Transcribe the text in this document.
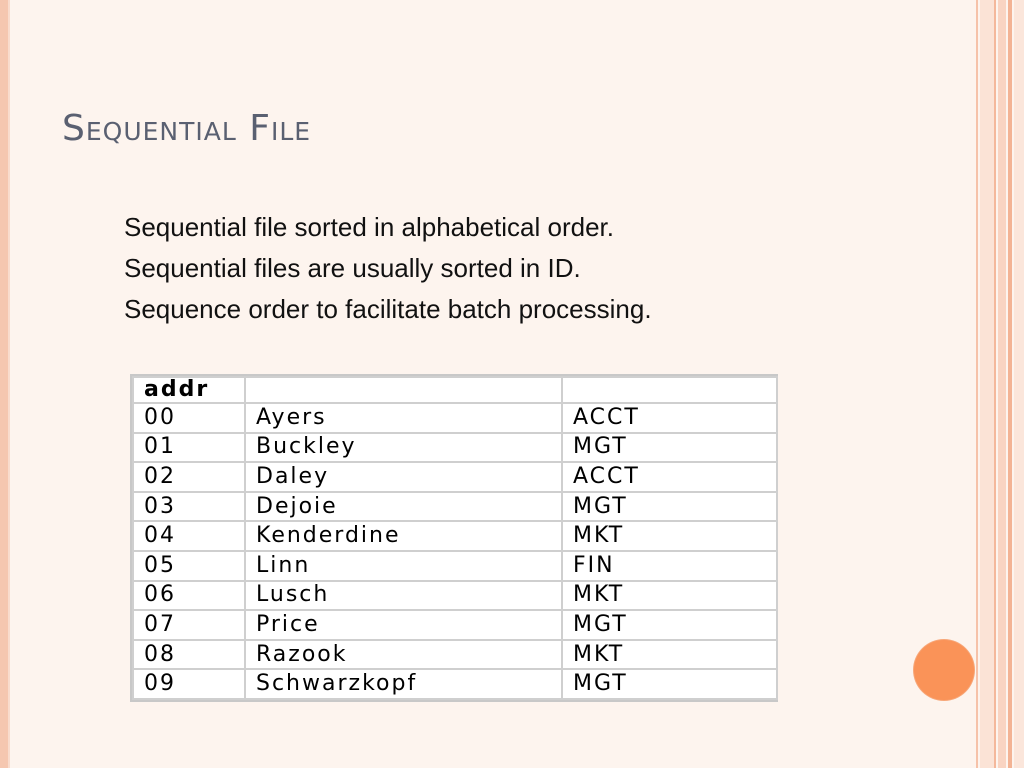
Sequential File
Sequential file sorted in alphabetical order.
Sequential files are usually sorted in ID.
Sequence order to facilitate batch processing.
addr		
00	Ayers	ACCT
01	Buckley	MGT
02	Daley	ACCT
03	Dejoie	MGT
04	Kenderdine	MKT
05	Linn	FIN
06	Lusch	MKT
07	Price	MGT
08	Razook	MKT
09	Schwarzkopf	MGT
